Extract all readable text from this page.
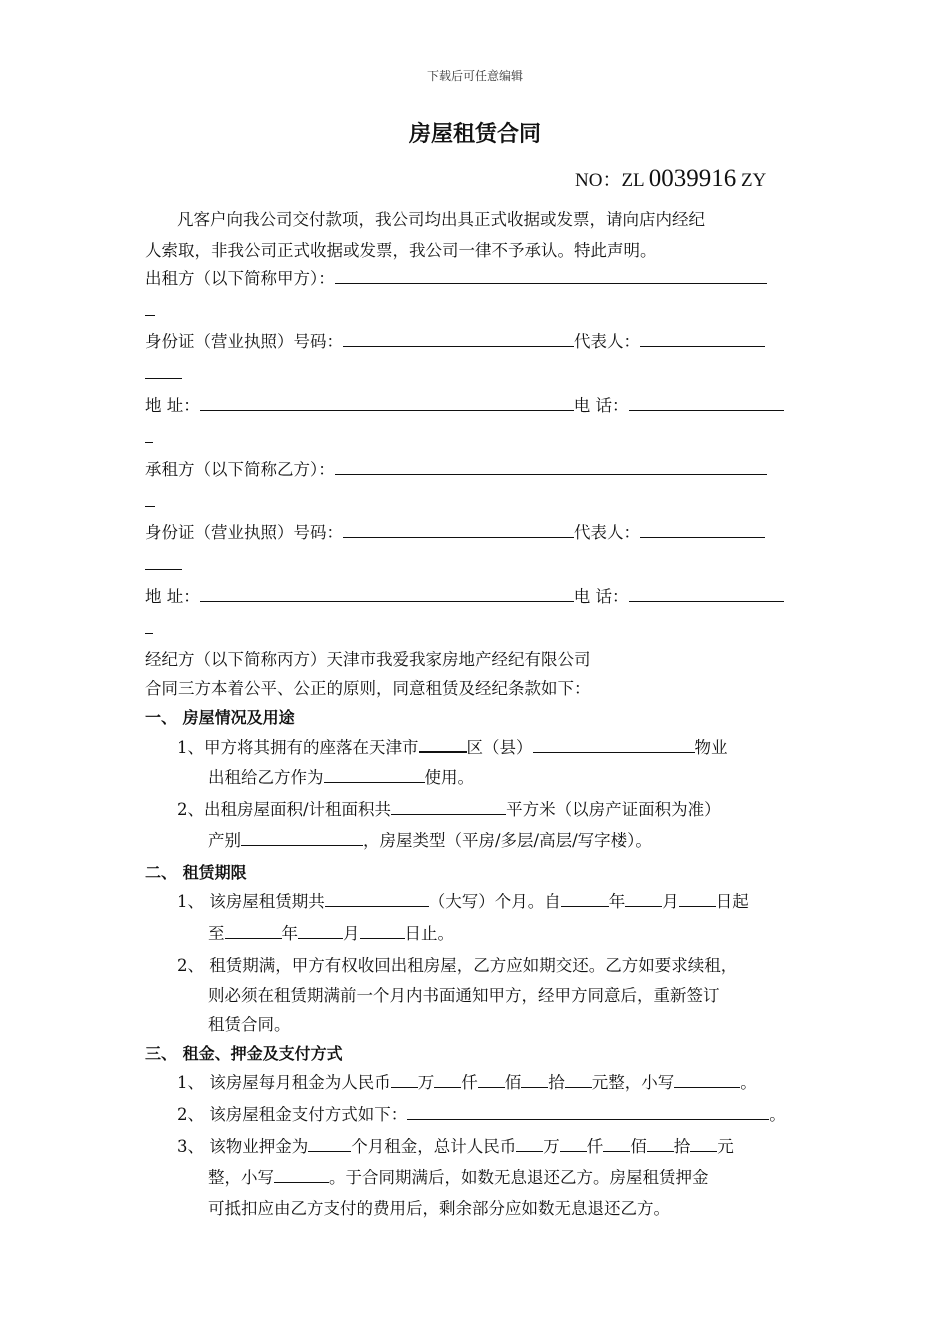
下载后可任意编辑
房屋租赁合同
NO：ZL 0039916 ZY
凡客户向我公司交付款项，我公司均出具正式收据或发票，请向店内经纪
人索取，非我公司正式收据或发票，我公司一律不予承认。特此声明。
出租方（以下简称甲方）：
身份证（营业执照）号码：	代表人：
地 址：	电 话：
承租方（以下简称乙方）：
身份证（营业执照）号码：	代表人：
地 址：	电 话：
经纪方（以下简称丙方）天津市我爱我家房地产经纪有限公司
合同三方本着公平、公正的原则，同意租赁及经纪条款如下：
一、 房屋情况及用途
1、甲方将其拥有的座落在天津市	区（县）	物业
出租给乙方作为	使用。
2、出租房屋面积/计租面积共	平方米（以房产证面积为准）
产别	，房屋类型（平房/多层/高层/写字楼）。
二、 租赁期限
1、 该房屋租赁期共	（大写）个月。自	年 月 日起
至	年	月	日止。
2、 租赁期满，甲方有权收回出租房屋，乙方应如期交还。乙方如要求续租，
则必须在租赁期满前一个月内书面通知甲方，经甲方同意后，重新签订
租赁合同。
三、 租金、押金及支付方式
1、 该房屋每月租金为人民币 万 仟 佰 拾 元整，小写	。
2、 该房屋租金支付方式如下：	。
3、 该物业押金为	个月租金，总计人民币 万 仟 佰 拾 元
整，小写	。于合同期满后，如数无息退还乙方。房屋租赁押金
可抵扣应由乙方支付的费用后，剩余部分应如数无息退还乙方。
